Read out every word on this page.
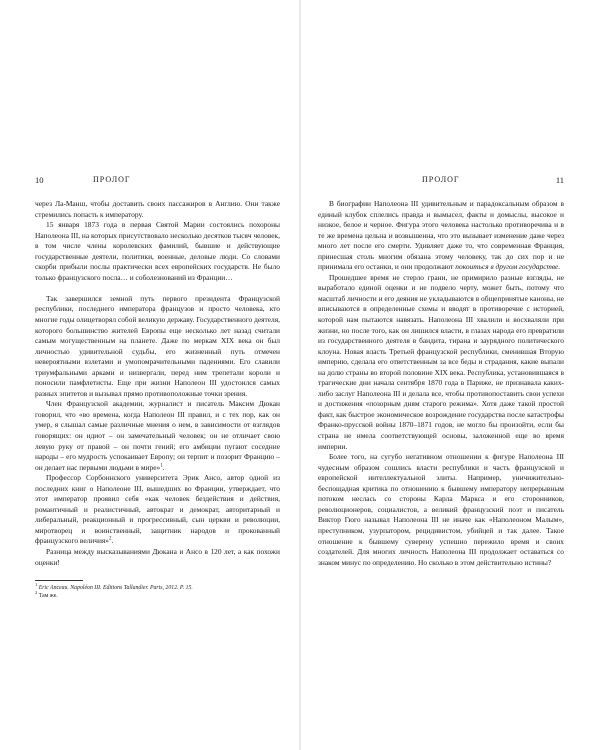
10	ПРОЛОГ

через Ла-Манш, чтобы доставить своих пассажиров в Англию. Они также стремились попасть к императору.

15 января 1873 года в первая Святой Марии состоялись похороны Наполеона III, на которых присутствовало несколько десятков тысяч человек, в том числе члены королевских фамилий, бывшие и действующие государственные деятели, политики, военные, деловые люди. Со словами скорби прибыли послы практически всех европейских государств. Не было только французского посла… и соболезнований из Франции…

Так завершился земной путь первого президента Французской республики, последнего императора французов и просто человека, кто многие годы олицетворял собой великую державу. Государственного деятеля, которого большинство жителей Европы еще несколько лет назад считали самым могущественным на планете. Даже по меркам XIX века он был личностью удивительной судьбы, его жизненный путь отмечен невероятными взлетами и умопомрачительными падениями. Его славили триумфальными арками и низвергали, перед ним трепетали короли и поносили памфлетисты. Еще при жизни Наполеон III удостоился самых разных эпитетов и вызывал прямо противоположные точки зрения.

Член Французской академии, журналист и писатель Максим Дюкан говорил, что «во времена, когда Наполеон III правил, и с тех пор, как он умер, я слышал самые различные мнения о нем, в зависимости от взглядов говорящих: он идиот – он замечательный человек; он не отличает свою левую руку от правой – он почти гений; его амбиции пугают соседние народы – его мудрость успокаивает Европу; он терпит и позорит Францию – он делает нас первыми людьми в мире»$^1$.

Профессор Сорбоннского университета Эрик Ансо, автор одной из последних книг о Наполеоне III, вышедших во Франции, утверждает, что этот император проявил себя «как человек бездействия и действия, романтичный и реалистичный, автократ и демократ, авторитарный и либеральный, реакционный и прогрессивный, сын церкви и революции, миротворец и воинственный, защитник народов и прокованный французского величия»$^2$.

Разница между высказываниями Дюкана и Ансо в 120 лет, а как похожи оценки!

$^1$ Eric Anceau. Napoléon III. Editions Tallandier. Paris, 2012. P. 15.

$^2$ Там же.

ПРОЛОГ	11

В биографии Наполеона III удивительным и парадоксальным образом в единый клубок сплелись правда и вымысел, факты и домыслы, высокое и низкое, белое и черное. Фигура этого человека настолько противоречива и в те же времена цельна и возвышенна, что это вызывает изменение даже через много лет после его смерти. Удивляет даже то, что современная Франция, принесшая столь многим обязана этому человеку, так до сих пор и не принимала его останки, и они продолжают покоиться в другом государстве.

Прошедшее время не стерло грани, не примирило разные взгляды, не выработало единой оценки и не подвело черту, может быть, потому что масштаб личности и его деяния не укладываются в общепринятые каноны, не вписываются в определенные схемы и вводят в противоречие с историей, которой нам пытаются навязать. Наполеона III хвалили и восхваляли при жизни, но после того, как он лишился власти, в глазах народа его превратили из государственного деятеля в бандита, тирана и заурядного политического клоуна. Новая власть Третьей французской республики, сменившая Вторую империю, сделала его ответственным за все беды и страдания, какие выпали на долю страны во второй половине XIX века. Республика, установившаяся в трагические дни начала сентября 1870 года в Париже, не признавала каких-либо заслуг Наполеона III и делала все, чтобы противопоставить свои успехи и достижения «позорным дням старого режима». Хотя даже такой простой факт, как быстрое экономическое возрождение государства после катастрофы Франко-прусской войны 1870–1871 годов, не могло бы произойти, если бы страна не имела соответствующей основы, заложенной еще во время империи.

Более того, на сугубо негативном отношении к фигуре Наполеона III чудесным образом сошлись власти республики и часть французской и европейской интеллектуальной элиты. Например, уничижительно-беспощадная критика по отношению к бывшему императору непрерывным потоком неслась со стороны Карла Маркса и его сторонников, революционеров, социалистов, а великий французский поэт и писатель Виктор Гюго называл Наполеона III не иначе как «Наполеоном Малым», преступником, узурпатором, рецидивистом, убийцей и так далее. Такое отношение к бывшему суверену успешно пережило время и своих создателей. Для многих личность Наполеона III продолжает оставаться со знаком минус по определению. Но сколько в этом действительно истины?
